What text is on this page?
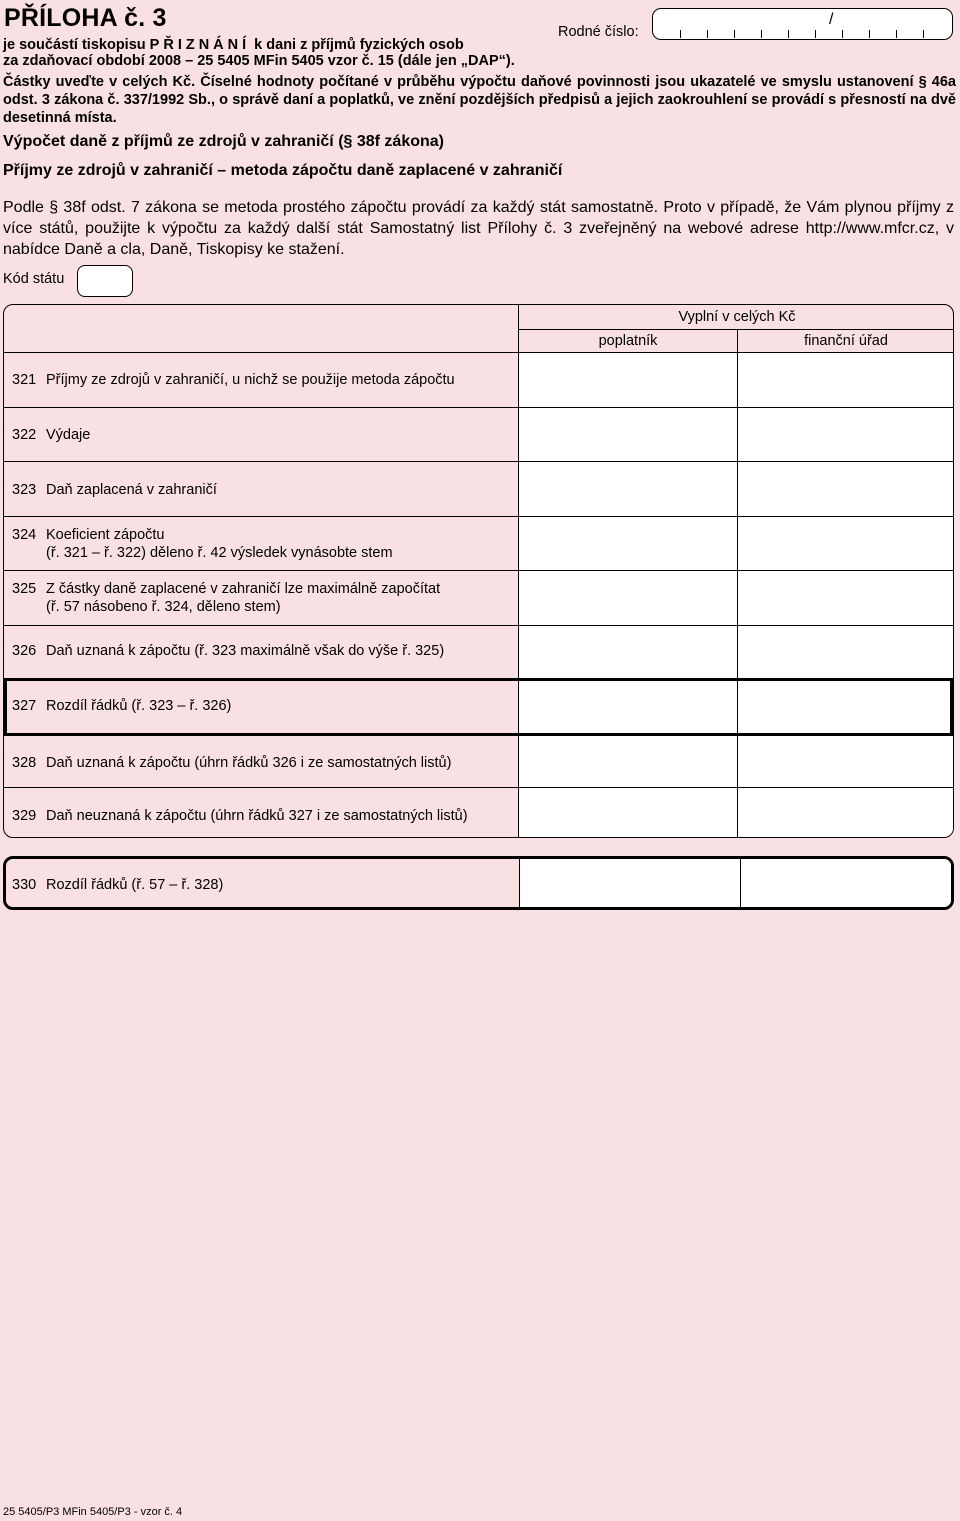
PŘÍLOHA č. 3
je součástí tiskopisu PŘIZNÁNÍ k dani z příjmů fyzických osob
za zdaňovací období 2008 – 25 5405 MFin 5405 vzor č. 15 (dále jen „DAP“).
Rodné číslo:
/
Částky uveďte v celých Kč. Číselné hodnoty počítané v průběhu výpočtu daňové povinnosti jsou ukazatelé ve smyslu ustanovení § 46a odst. 3 zákona č. 337/1992 Sb., o správě daní a poplatků, ve znění pozdějších předpisů a jejich zaokrouhlení se provádí s přesností na dvě desetinná místa.
Výpočet daně z příjmů ze zdrojů v zahraničí (§ 38f zákona)
Příjmy ze zdrojů v zahraničí – metoda zápočtu daně zaplacené v zahraničí
Podle § 38f odst. 7 zákona se metoda prostého zápočtu provádí za každý stát samostatně. Proto v případě, že Vám plynou příjmy z více států, použijte k výpočtu za každý další stát Samostatný list Přílohy č. 3 zveřejněný na webové adrese http://www.mfcr.cz, v nabídce Daně a cla, Daně, Tiskopisy ke stažení.
Kód státu
Vyplní v celých Kč
poplatník	finanční úřad
321 Příjmy ze zdrojů v zahraničí, u nichž se použije metoda zápočtu
322 Výdaje
323 Daň zaplacená v zahraničí
324 Koeficient zápočtu
(ř. 321 – ř. 322) děleno ř. 42 výsledek vynásobte stem
325 Z částky daně zaplacené v zahraničí lze maximálně započítat
(ř. 57 násobeno ř. 324, děleno stem)
326 Daň uznaná k zápočtu (ř. 323 maximálně však do výše ř. 325)
327 Rozdíl řádků (ř. 323 – ř. 326)
328 Daň uznaná k zápočtu (úhrn řádků 326 i ze samostatných listů)
329 Daň neuznaná k zápočtu (úhrn řádků 327 i ze samostatných listů)
330 Rozdíl řádků (ř. 57 – ř. 328)
25 5405/P3 MFin 5405/P3 - vzor č. 4
